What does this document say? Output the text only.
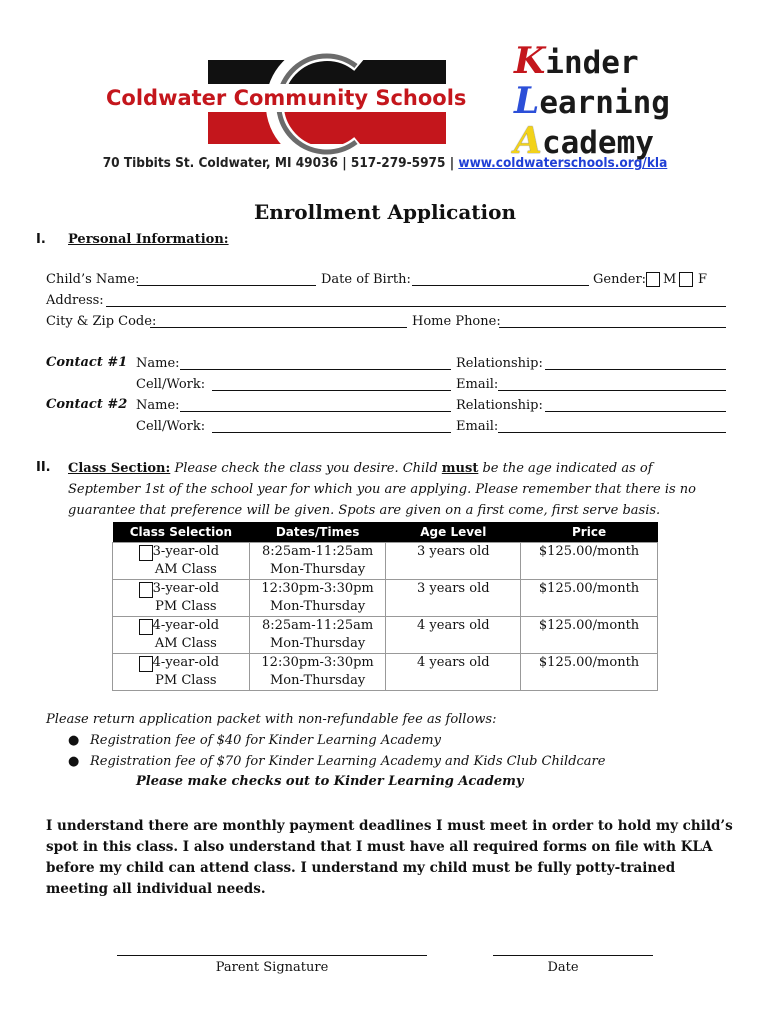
Coldwater Community Schools
Kinder
Learning
Academy
70 Tibbits St. Coldwater, MI 49036 | 517-279-5975 | www.coldwaterschools.org/kla
Enrollment Application
I. Personal Information:
Child’s Name:	Date of Birth:	Gender: M F
Address:
City & Zip Code:	Home Phone:
Contact #1 Name:	Relationship:
Cell/Work:	Email:
Contact #2 Name:	Relationship:
Cell/Work:	Email:
II. Class Section: Please check the class you desire. Child must be the age indicated as of September 1st of the school year for which you are applying. Please remember that there is no guarantee that preference will be given. Spots are given on a first come, first serve basis.
Class Selection	Dates/Times	Age Level	Price

3-year-old
AM Class	8:25am-11:25am
Mon-Thursday	3 years old	$125.00/month

3-year-old
PM Class	12:30pm-3:30pm
Mon-Thursday	3 years old	$125.00/month

4-year-old
AM Class	8:25am-11:25am
Mon-Thursday	4 years old	$125.00/month

4-year-old
PM Class	12:30pm-3:30pm
Mon-Thursday	4 years old	$125.00/month
Please return application packet with non-refundable fee as follows:
● Registration fee of $40 for Kinder Learning Academy
● Registration fee of $70 for Kinder Learning Academy and Kids Club Childcare
Please make checks out to Kinder Learning Academy
I understand there are monthly payment deadlines I must meet in order to hold my child’s spot in this class. I also understand that I must have all required forms on file with KLA before my child can attend class. I understand my child must be fully potty-trained meeting all individual needs.
Parent Signature	Date
